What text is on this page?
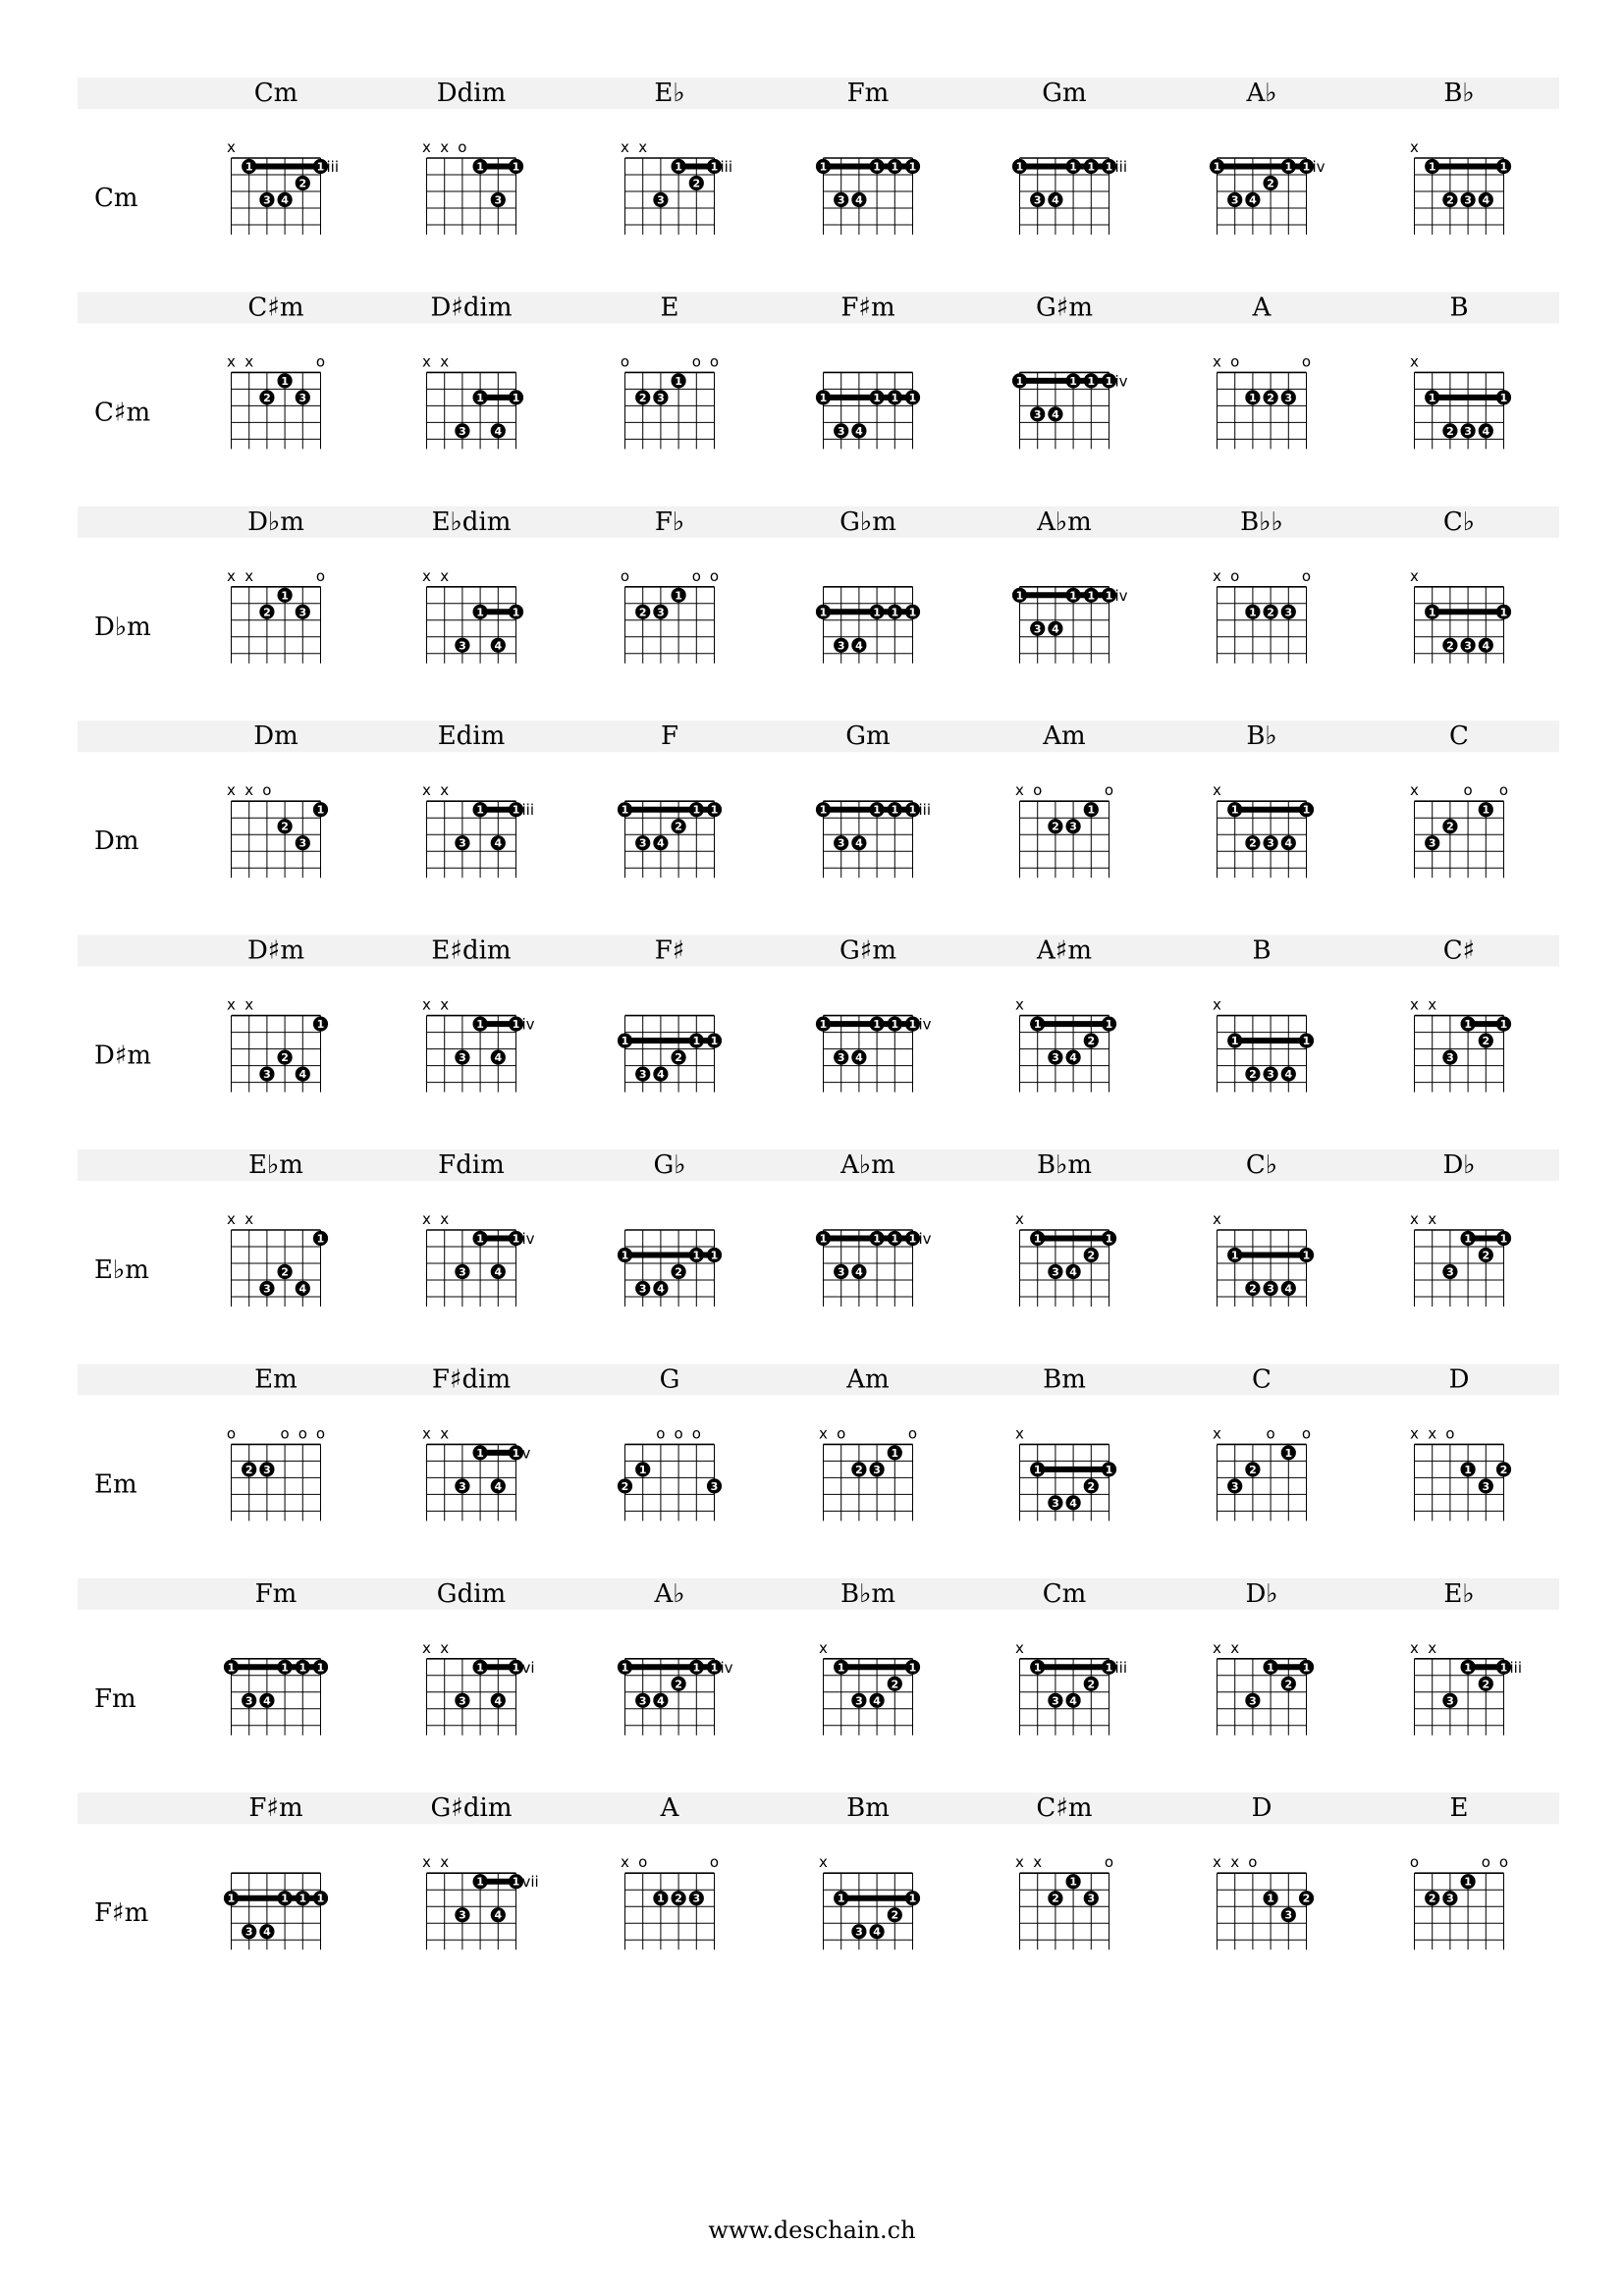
Cm
Cm
x
1
3 4
2
1 iii
Ddim
x x o
1
3
1
E♭
x x
3
1
2
1 iii
Fm
1
3 4
1 1 1
Gm
1
3 4
1 1 1 iii
A♭
1
3 4
2
1 1 iv
B♭
x
1
2 3 4
1
C♯m
C♯m
x x
2
1
3
o
D♯dim
x x
3
1
4
1
E
o
2 3
1
o o
F♯m
1
3 4
1 1 1
G♯m
1
3 4
1 1 1 iv
A
x o
1 2 3
o
B
x
1
2 3 4
1
D♭m
D♭m
x x
2
1
3
o
E♭dim
x x
3
1
4
1
F♭
o
2 3
1
o o
G♭m
1
3 4
1 1 1
A♭m
1
3 4
1 1 1 iv
B♭♭
x o
1 2 3
o
C♭
x
1
2 3 4
1
Dm
Dm
x x o
2
3
1
Edim
x x
3
1
4
1 iii
F
1
3 4
2
1 1
Gm
1
3 4
1 1 1 iii
Am
x o
2 3
1
o
B♭
x
1
2 3 4
1
C
x
3
2
o
1
o
D♯m
D♯m
x x
3
2
4
1
E♯dim
x x
3
1
4
1 iv
F♯
1
3 4
2
1 1
G♯m
1
3 4
1 1 1 iv
A♯m
x
1
3 4
2
1
B
x
1
2 3 4
1
C♯
x x
3
1
2
1
E♭m
E♭m
x x
3
2
4
1
Fdim
x x
3
1
4
1 iv
G♭
1
3 4
2
1 1
A♭m
1
3 4
1 1 1 iv
B♭m
x
1
3 4
2
1
C♭
x
1
2 3 4
1
D♭
x x
3
1
2
1
Em
Em
o
2 3
o o o
F♯dim
x x
3
1
4
1 v
G
2
1
o o o
3
Am
x o
2 3
1
o
Bm
x
1
3 4
2
1
C
x
3
2
o
1
o
D
x x o
1
3
2
Fm
Fm
1
3 4
1 1 1
Gdim
x x
3
1
4
1 vi
A♭
1
3 4
2
1 1 iv
B♭m
x
1
3 4
2
1
Cm
x
1
3 4
2
1 iii
D♭
x x
3
1
2
1
E♭
x x
3
1
2
1 iii
F♯m
F♯m
1
3 4
1 1 1
G♯dim
x x
3
1
4
1 vii
A
x o
1 2 3
o
Bm
x
1
3 4
2
1
C♯m
x x
2
1
3
o
D
x x o
1
3
2
E
o
2 3
1
o o
www.deschain.ch
